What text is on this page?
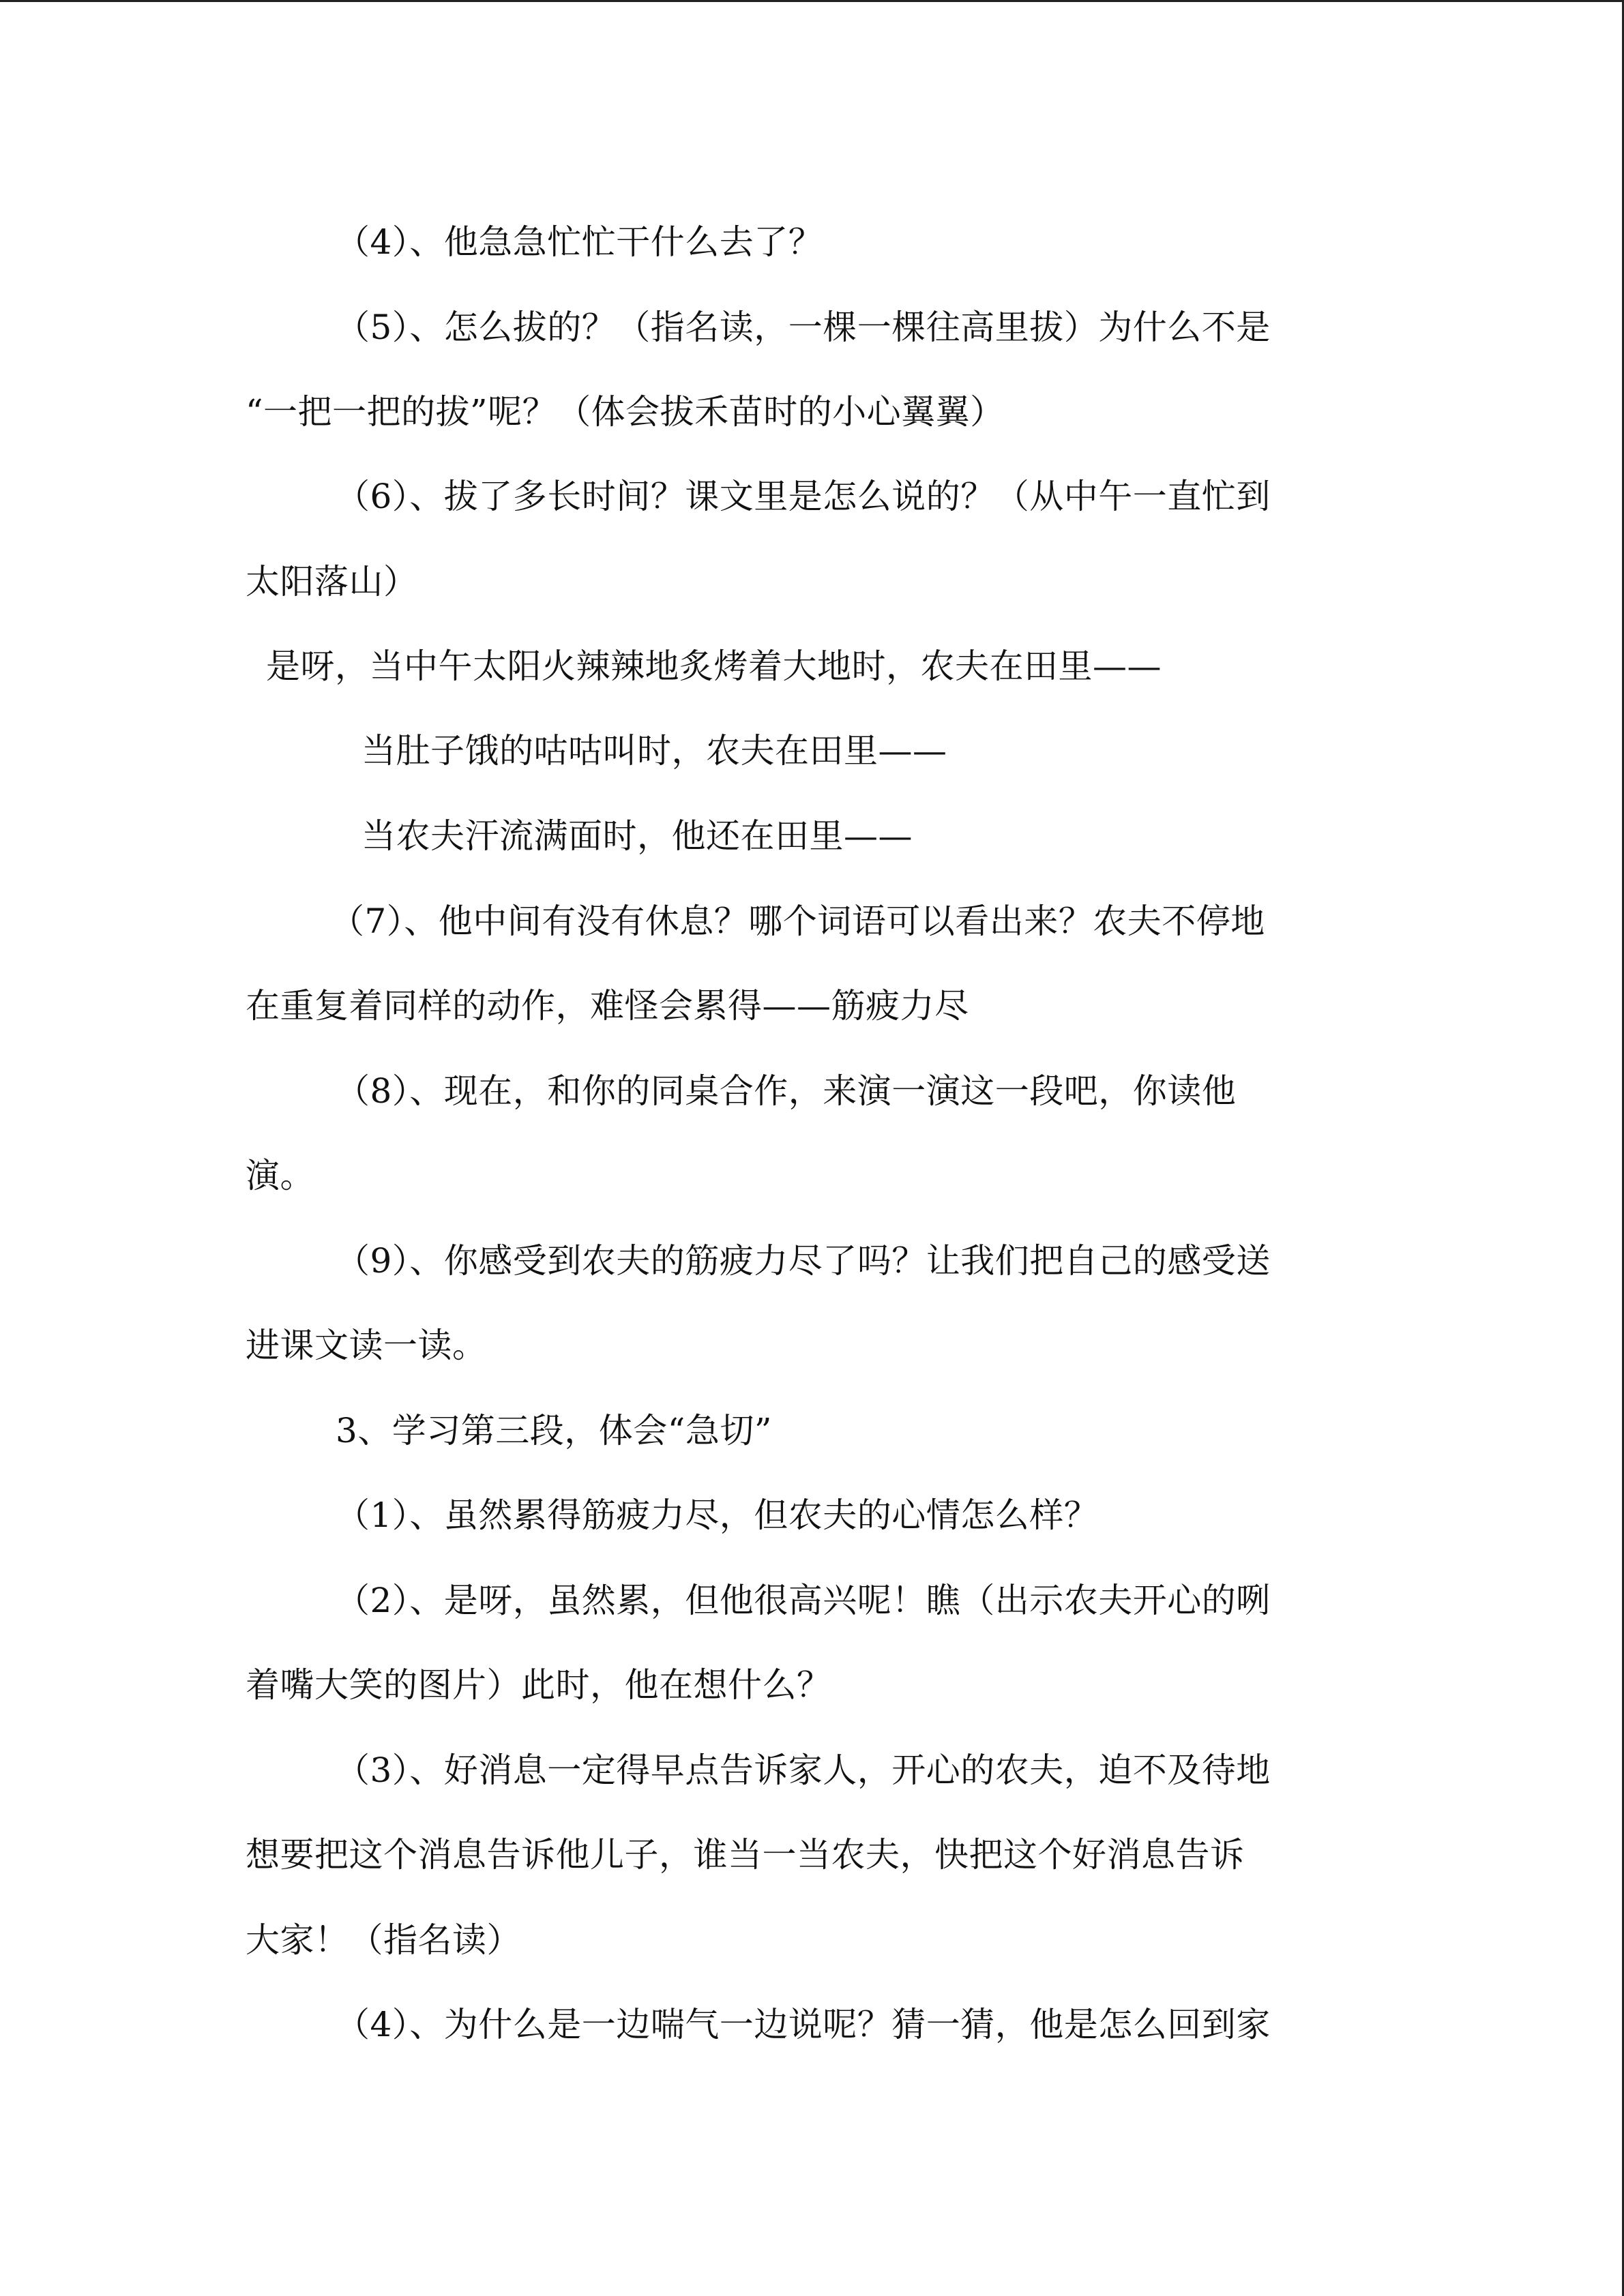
（4）、他急急忙忙干什么去了？
（5）、怎么拔的？（指名读，一棵一棵往高里拔）为什么不是
“一把一把的拔”呢？（体会拔禾苗时的小心翼翼）
（6）、拔了多长时间？课文里是怎么说的？（从中午一直忙到
太阳落山）
是呀，当中午太阳火辣辣地炙烤着大地时，农夫在田里——
当肚子饿的咕咕叫时，农夫在田里——
当农夫汗流满面时，他还在田里——
（7）、他中间有没有休息？哪个词语可以看出来？农夫不停地
在重复着同样的动作，难怪会累得——筋疲力尽
（8）、现在，和你的同桌合作，来演一演这一段吧，你读他
演。
（9）、你感受到农夫的筋疲力尽了吗？让我们把自己的感受送
进课文读一读。
3、学习第三段，体会“急切”
（1）、虽然累得筋疲力尽，但农夫的心情怎么样？
（2）、是呀，虽然累，但他很高兴呢！瞧（出示农夫开心的咧
着嘴大笑的图片）此时，他在想什么？
（3）、好消息一定得早点告诉家人，开心的农夫，迫不及待地
想要把这个消息告诉他儿子，谁当一当农夫，快把这个好消息告诉
大家！（指名读）
（4）、为什么是一边喘气一边说呢？猜一猜，他是怎么回到家
